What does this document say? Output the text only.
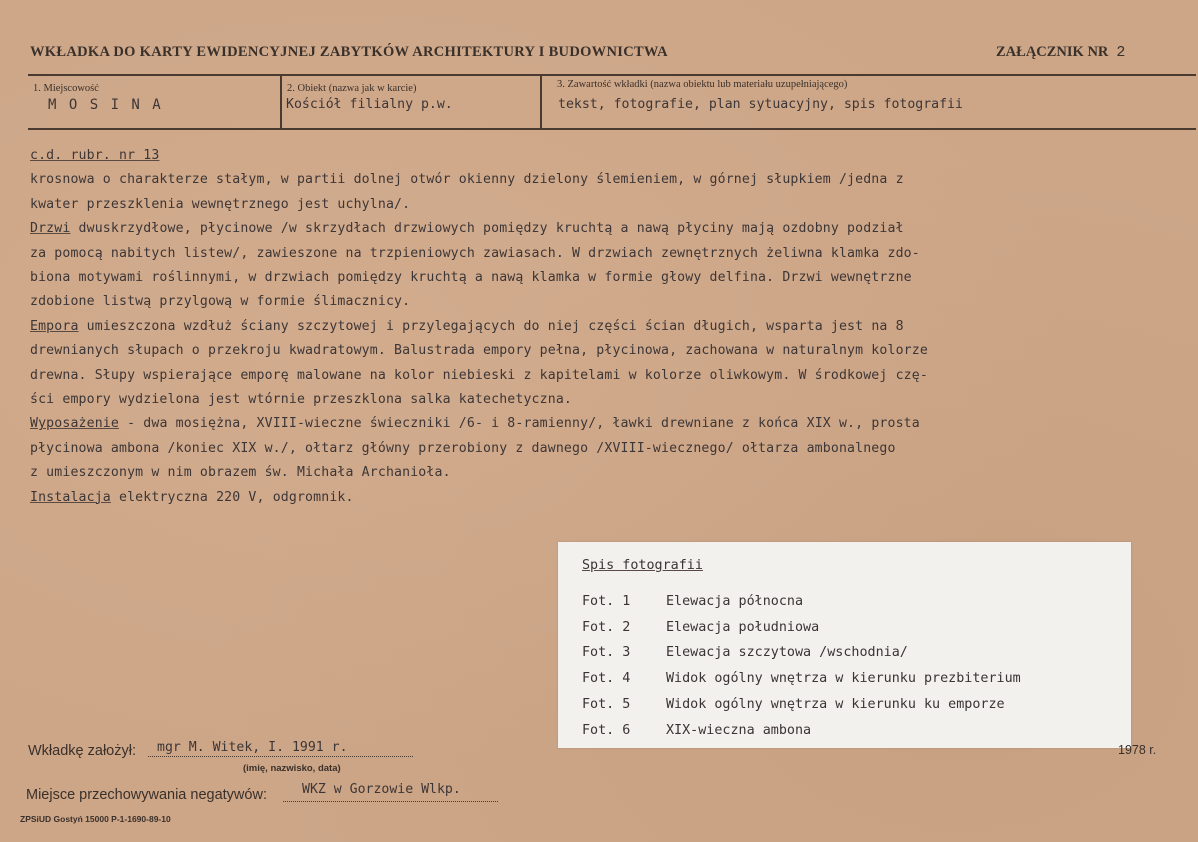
WKŁADKA DO KARTY EWIDENCYJNEJ ZABYTKÓW ARCHITEKTURY I BUDOWNICTWA	ZAŁĄCZNIK NR 2
1. Miejscowość
M O S I N A
2. Obiekt (nazwa jak w karcie)
Kościół filialny p.w.
3. Zawartość wkładki (nazwa obiektu lub materiału uzupełniającego)
tekst, fotografie, plan sytuacyjny, spis fotografii
c.d. rubr. nr 13
krosnowa o charakterze stałym, w partii dolnej otwór okienny dzielony ślemieniem, w górnej słupkiem /jedna z
kwater przeszklenia wewnętrznego jest uchylna/.
Drzwi dwuskrzydłowe, płycinowe /w skrzydłach drzwiowych pomiędzy kruchtą a nawą płyciny mają ozdobny podział
za pomocą nabitych listew/, zawieszone na trzpieniowych zawiasach. W drzwiach zewnętrznych żeliwna klamka zdo-
biona motywami roślinnymi, w drzwiach pomiędzy kruchtą a nawą klamka w formie głowy delfina. Drzwi wewnętrzne
zdobione listwą przylgową w formie ślimacznicy.
Empora umieszczona wzdłuż ściany szczytowej i przylegających do niej części ścian długich, wsparta jest na 8
drewnianych słupach o przekroju kwadratowym. Balustrada empory pełna, płycinowa, zachowana w naturalnym kolorze
drewna. Słupy wspierające emporę malowane na kolor niebieski z kapitelami w kolorze oliwkowym. W środkowej czę-
ści empory wydzielona jest wtórnie przeszklona salka katechetyczna.
Wyposażenie - dwa mosiężna, XVIII-wieczne świeczniki /6- i 8-ramienny/, ławki drewniane z końca XIX w., prosta
płycinowa ambona /koniec XIX w./, ołtarz główny przerobiony z dawnego /XVIII-wiecznego/ ołtarza ambonalnego
z umieszczonym w nim obrazem św. Michała Archanioła.
Instalacja elektryczna 220 V, odgromnik.
Spis fotografii
Fot. 1	Elewacja północna
Fot. 2	Elewacja południowa
Fot. 3	Elewacja szczytowa /wschodnia/
Fot. 4	Widok ogólny wnętrza w kierunku prezbiterium
Fot. 5	Widok ogólny wnętrza w kierunku ku emporze
Fot. 6	XIX-wieczna ambona
Wkładkę założył: mgr M. Witek, I. 1991 r.
(imię, nazwisko, data)
1978 r.
Miejsce przechowywania negatywów:	WKZ w Gorzowie Wlkp.
ZPSiUD Gostyń 15000 P-1-1690-89-10
